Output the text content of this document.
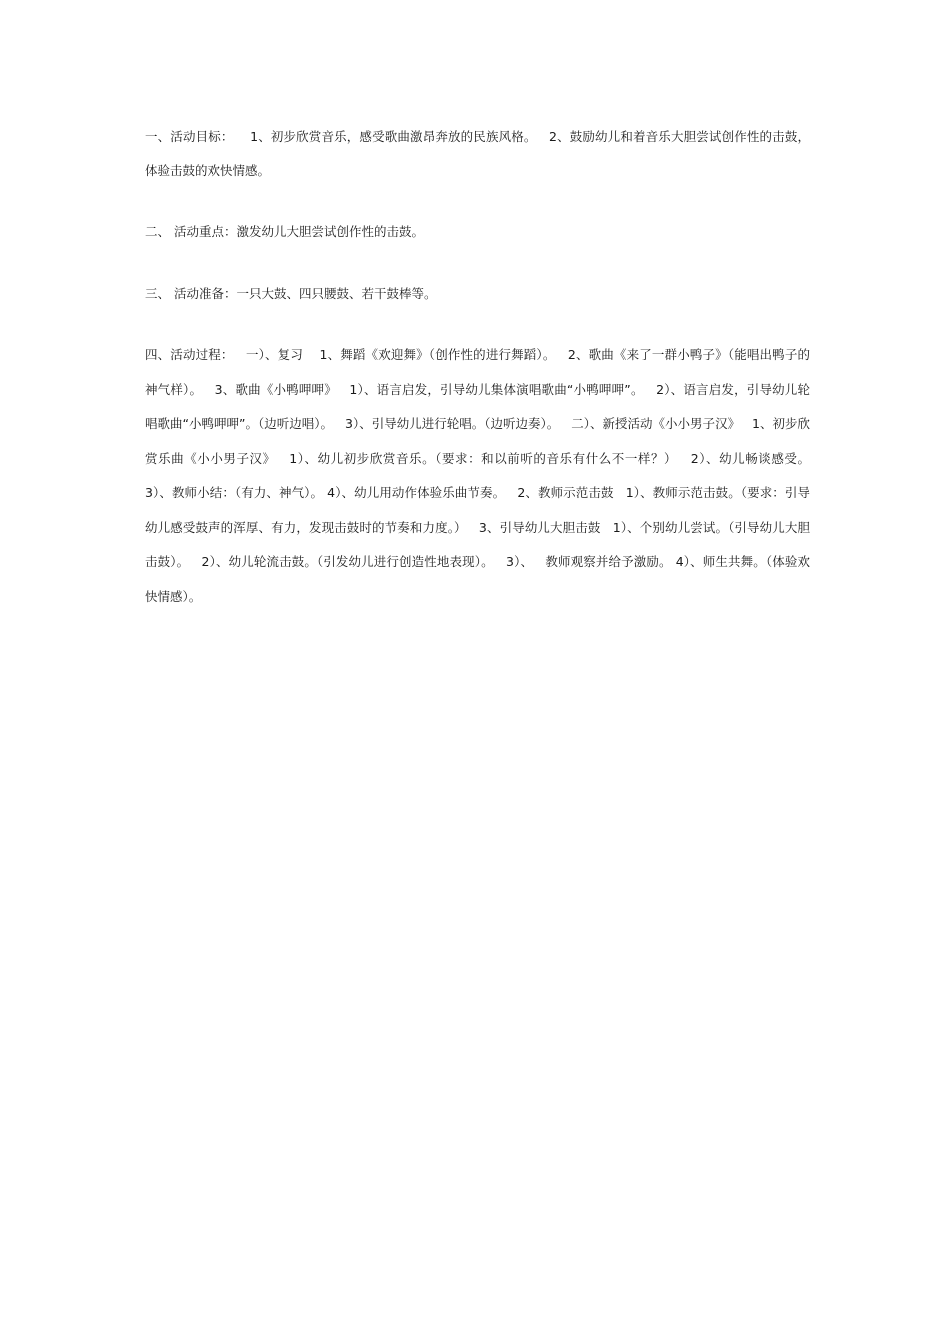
一、活动目标：    1、初步欣赏音乐，感受歌曲激昂奔放的民族风格。   2、鼓励幼儿和着音乐大胆尝试创作性的击鼓，体验击鼓的欢快情感。

二、 活动重点：激发幼儿大胆尝试创作性的击鼓。

三、 活动准备：一只大鼓、四只腰鼓、若干鼓棒等。

四、活动过程：   一）、复习    1、舞蹈《欢迎舞》（创作性的进行舞蹈）。   2、歌曲《来了一群小鸭子》（能唱出鸭子的神气样）。   3、歌曲《小鸭呷呷》   1）、语言启发，引导幼儿集体演唱歌曲“小鸭呷呷”。   2）、语言启发，引导幼儿轮唱歌曲“小鸭呷呷”。（边听边唱）。   3）、引导幼儿进行轮唱。（边听边奏）。   二）、新授活动《小小男子汉》   1、初步欣赏乐曲《小小男子汉》   1）、幼儿初步欣赏音乐。（要求：和以前听的音乐有什么不一样？）   2）、幼儿畅谈感受。   3）、教师小结：（有力、神气）。 4）、幼儿用动作体验乐曲节奏。   2、教师示范击鼓   1）、教师示范击鼓。（要求：引导幼儿感受鼓声的浑厚、有力，发现击鼓时的节奏和力度。）   3、引导幼儿大胆击鼓   1）、个别幼儿尝试。（引导幼儿大胆击鼓）。   2）、幼儿轮流击鼓。（引发幼儿进行创造性地表现）。   3）、   教师观察并给予激励。 4）、师生共舞。（体验欢快情感）。
